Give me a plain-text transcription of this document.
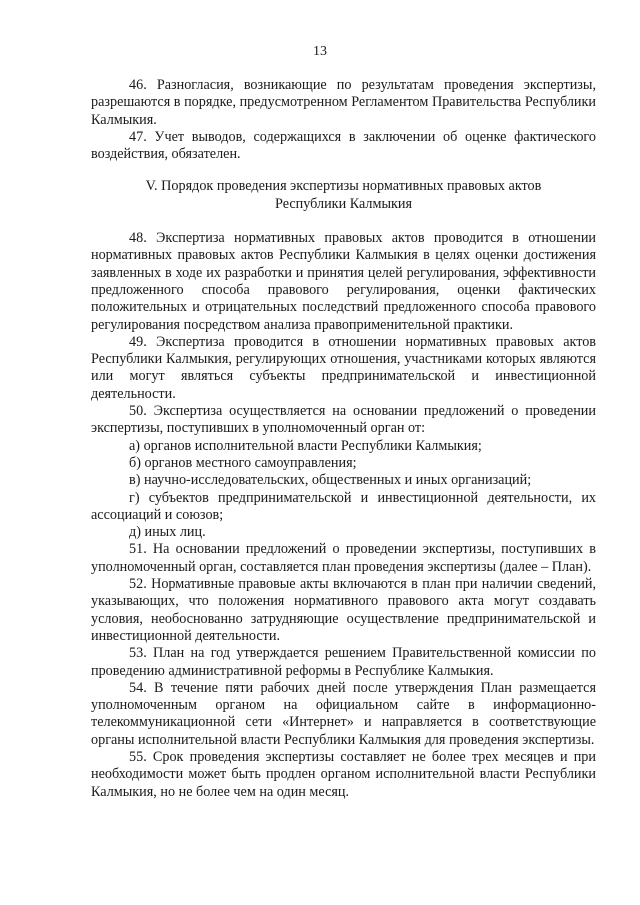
13

46. Разногласия, возникающие по результатам проведения экспертизы, разрешаются в порядке, предусмотренном Регламентом Правительства Республики Калмыкия.

47. Учет выводов, содержащихся в заключении об оценке фактического воздействия, обязателен.

V. Порядок проведения экспертизы нормативных правовых актов
Республики Калмыкия

48. Экспертиза нормативных правовых актов проводится в отношении нормативных правовых актов Республики Калмыкия в целях оценки достижения заявленных в ходе их разработки и принятия целей регулирования, эффективности предложенного способа правового регулирования, оценки фактических положительных и отрицательных последствий предложенного способа правового регулирования посредством анализа правоприменительной практики.

49. Экспертиза проводится в отношении нормативных правовых актов Республики Калмыкия, регулирующих отношения, участниками которых являются или могут являться субъекты предпринимательской и инвестиционной деятельности.

50. Экспертиза осуществляется на основании предложений о проведении экспертизы, поступивших в уполномоченный орган от:

а) органов исполнительной власти Республики Калмыкия;

б) органов местного самоуправления;

в) научно-исследовательских, общественных и иных организаций;

г) субъектов предпринимательской и инвестиционной деятельности, их ассоциаций и союзов;

д) иных лиц.

51. На основании предложений о проведении экспертизы, поступивших в уполномоченный орган, составляется план проведения экспертизы (далее – План).

52. Нормативные правовые акты включаются в план при наличии сведений, указывающих, что положения нормативного правового акта могут создавать условия, необоснованно затрудняющие осуществление предпринимательской и инвестиционной деятельности.

53. План на год утверждается решением Правительственной комиссии по проведению административной реформы в Республике Калмыкия.

54. В течение пяти рабочих дней после утверждения План размещается уполномоченным органом на официальном сайте в информационно-телекоммуникационной сети «Интернет» и направляется в соответствующие органы исполнительной власти Республики Калмыкия для проведения экспертизы.

55. Срок проведения экспертизы составляет не более трех месяцев и при необходимости может быть продлен органом исполнительной власти Республики Калмыкия, но не более чем на один месяц.
